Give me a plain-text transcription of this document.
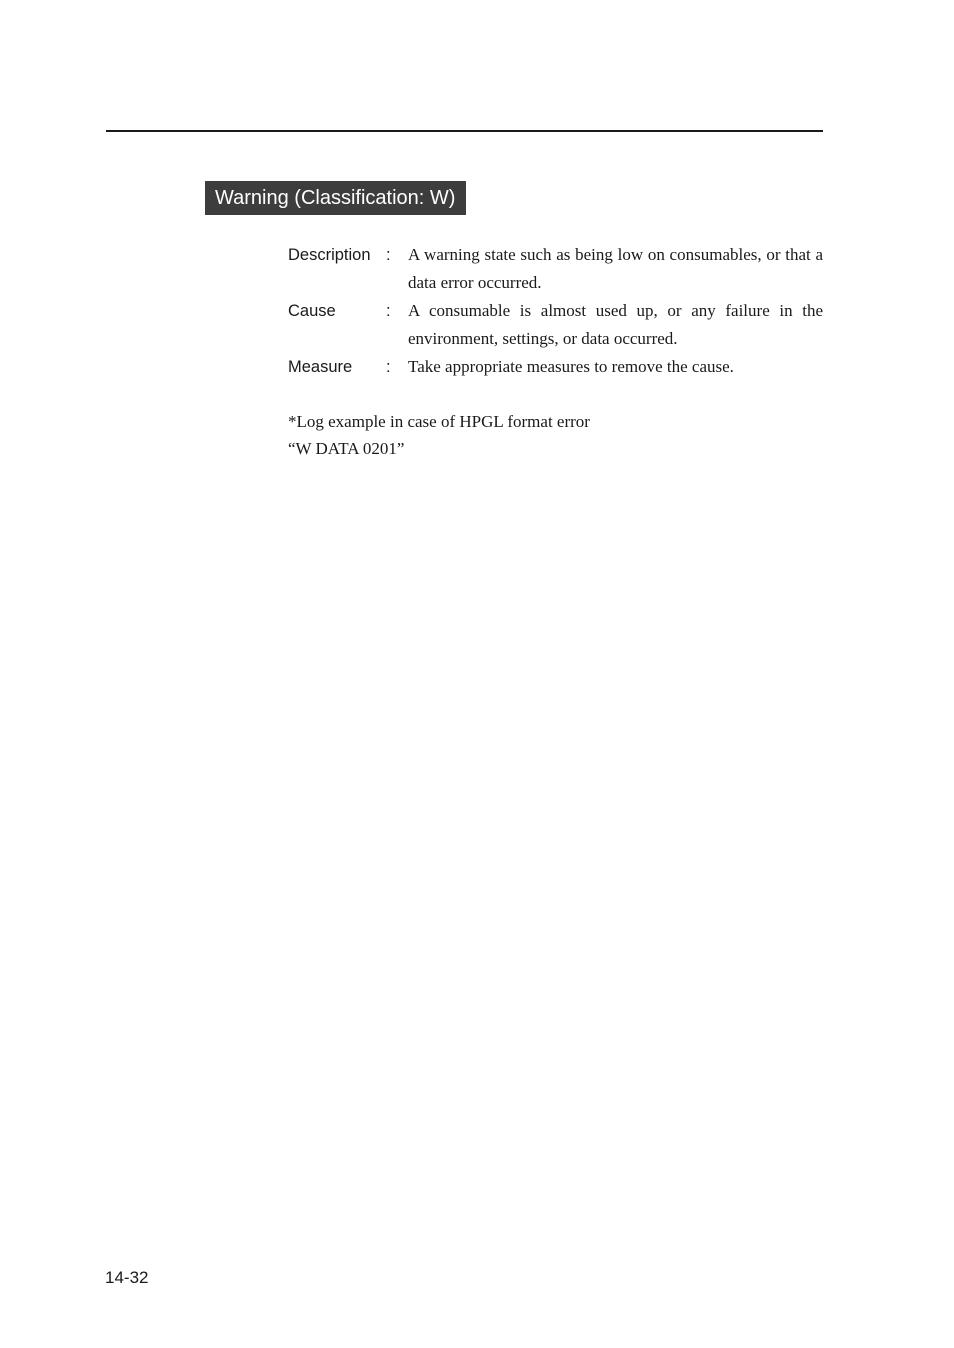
Warning (Classification: W)
Description :	A warning state such as being low on consumables, or that a data error occurred.
Cause	:	A consumable is almost used up, or any failure in the environment, settings, or data occurred.
Measure	:	Take appropriate measures to remove the cause.
*Log example in case of HPGL format error
“W DATA 0201”
14-32
